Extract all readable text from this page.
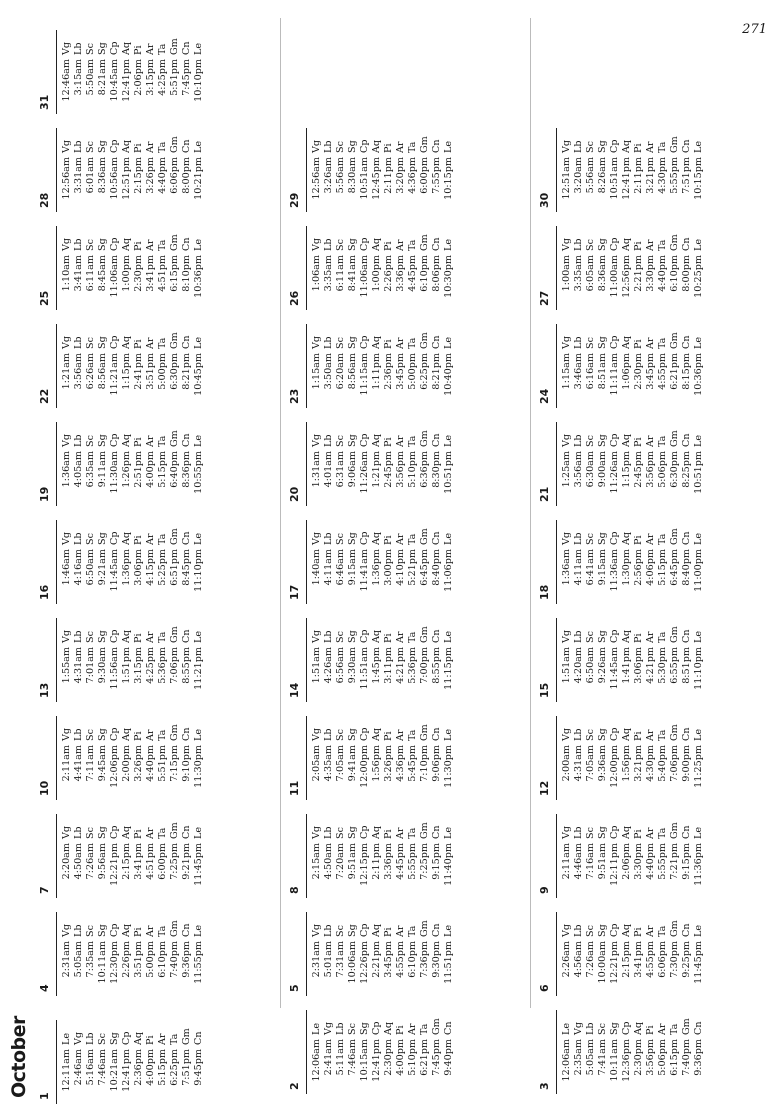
271
October 1
12:11am
Le
2:46am
Vg
5:16am
Lb
7:46am
Sc
10:21am
Sg
12:41pm
Cp
2:36pm
Aq
4:00pm
Pi
5:15pm
Ar
6:25pm
Ta
7:51pm
Gm
9:45pm
Cn
4
2:31am
Vg
5:05am
Lb
7:35am
Sc
10:11am
Sg
12:30pm
Cp
2:26pm
Aq
3:51pm
Pi
5:00pm
Ar
6:10pm
Ta
7:40pm
Gm
9:36pm
Cn
11:55pm
Le
7
2:20am
Vg
4:50am
Lb
7:26am
Sc
9:56am
Sg
12:21pm
Cp
2:15pm
Aq
3:41pm
Pi
4:51pm
Ar
6:00pm
Ta
7:25pm
Gm
9:21pm
Cn
11:45pm
Le
10
2:11am
Vg
4:41am
Lb
7:11am
Sc
9:45am
Sg
12:06pm
Cp
2:00pm
Aq
3:26pm
Pi
4:40pm
Ar
5:51pm
Ta
7:15pm
Gm
9:10pm
Cn
11:30pm
Le
13
1:55am
Vg
4:31am
Lb
7:01am
Sc
9:30am
Sg
11:56am
Cp
1:51pm
Aq
3:15pm
Pi
4:25pm
Ar
5:36pm
Ta
7:06pm
Gm
8:55pm
Cn
11:21pm
Le
16
1:46am
Vg
4:16am
Lb
6:50am
Sc
9:21am
Sg
11:45am
Cp
1:36pm
Aq
3:06pm
Pi
4:15pm
Ar
5:25pm
Ta
6:51pm
Gm
8:45pm
Cn
11:10pm
Le
19
1:36am
Vg
4:05am
Lb
6:35am
Sc
9:11am
Sg
11:30am
Cp
1:26pm
Aq
2:51pm
Pi
4:00pm
Ar
5:15pm
Ta
6:40pm
Gm
8:36pm
Cn
10:55pm
Le
22
1:21am
Vg
3:56am
Lb
6:26am
Sc
8:56am
Sg
11:21am
Cp
1:15pm
Aq
2:41pm
Pi
3:51pm
Ar
5:00pm
Ta
6:30pm
Gm
8:21pm
Cn
10:45pm
Le
25
1:10am
Vg
3:41am
Lb
6:11am
Sc
8:45am
Sg
11:06am
Cp
1:00pm
Aq
2:30pm
Pi
3:41pm
Ar
4:51pm
Ta
6:15pm
Gm
8:10pm
Cn
10:36pm
Le
28
12:56am
Vg
3:31am
Lb
6:01am
Sc
8:36am
Sg
10:56am
Cp
12:51pm
Aq
2:15pm
Pi
3:26pm
Ar
4:40pm
Ta
6:06pm
Gm
8:00pm
Cn
10:21pm
Le
31
12:46am
Vg
3:15am
Lb
5:50am
Sc
8:21am
Sg
10:45am
Cp
12:41pm
Aq
2:06pm
Pi
3:15pm
Ar
4:25pm
Ta
5:51pm
Gm
7:45pm
Cn
10:10pm
Le
2
12:06am
Le
2:41am
Vg
5:11am
Lb
7:46am
Sc
10:15am
Sg
12:41pm
Cp
2:30pm
Aq
4:00pm
Pi
5:10pm
Ar
6:21pm
Ta
7:45pm
Gm
9:40pm
Cn
5
2:31am
Vg
5:01am
Lb
7:31am
Sc
10:06am
Sg
12:26pm
Cp
2:21pm
Aq
3:45pm
Pi
4:55pm
Ar
6:10pm
Ta
7:36pm
Gm
9:30pm
Cn
11:51pm
Le
8
2:15am
Vg
4:50am
Lb
7:20am
Sc
9:51am
Sg
12:15pm
Cp
2:11pm
Aq
3:36pm
Pi
4:45pm
Ar
5:55pm
Ta
7:25pm
Gm
9:15pm
Cn
11:40pm
Le
11
2:05am
Vg
4:35am
Lb
7:05am
Sc
9:41am
Sg
12:00pm
Cp
1:56pm
Aq
3:26pm
Pi
4:36pm
Ar
5:45pm
Ta
7:10pm
Gm
9:06pm
Cn
11:30pm
Le
14
1:51am
Vg
4:26am
Lb
6:56am
Sc
9:30am
Sg
11:51am
Cp
1:45pm
Aq
3:11pm
Pi
4:21pm
Ar
5:36pm
Ta
7:00pm
Gm
8:55pm
Cn
11:15pm
Le
17
1:40am
Vg
4:11am
Lb
6:46am
Sc
9:15am
Sg
11:41am
Cp
1:36pm
Aq
3:00pm
Pi
4:10pm
Ar
5:21pm
Ta
6:45pm
Gm
8:40pm
Cn
11:06pm
Le
20
1:31am
Vg
4:01am
Lb
6:31am
Sc
9:06am
Sg
11:26am
Cp
1:21pm
Aq
2:45pm
Pi
3:56pm
Ar
5:10pm
Ta
6:36pm
Gm
8:30pm
Cn
10:51pm
Le
23
1:15am
Vg
3:50am
Lb
6:20am
Sc
8:56am
Sg
11:15am
Cp
1:11pm
Aq
2:36pm
Pi
3:45pm
Ar
5:00pm
Ta
6:25pm
Gm
8:21pm
Cn
10:40pm
Le
26
1:06am
Vg
3:35am
Lb
6:11am
Sc
8:41am
Sg
11:06am
Cp
1:00pm
Aq
2:26pm
Pi
3:36pm
Ar
4:45pm
Ta
6:10pm
Gm
8:06pm
Cn
10:30pm
Le
29
12:56am
Vg
3:26am
Lb
5:56am
Sc
8:30am
Sg
10:51am
Cp
12:45pm
Aq
2:11pm
Pi
3:20pm
Ar
4:36pm
Ta
6:00pm
Gm
7:55pm
Cn
10:15pm
Le
3
12:06am
Le
2:35am
Vg
5:05am
Lb
7:41am
Sc
10:11am
Sg
12:36pm
Cp
2:30pm
Aq
3:56pm
Pi
5:06pm
Ar
6:15pm
Ta
7:40pm
Gm
9:36pm
Cn
6
2:26am
Vg
4:56am
Lb
7:26am
Sc
10:00am
Sg
12:21pm
Cp
2:15pm
Aq
3:41pm
Pi
4:55pm
Ar
6:06pm
Ta
7:30pm
Gm
9:25pm
Cn
11:45pm
Le
9
2:11am
Vg
4:46am
Lb
7:16am
Sc
9:51am
Sg
12:11pm
Cp
2:06pm
Aq
3:30pm
Pi
4:40pm
Ar
5:55pm
Ta
7:21pm
Gm
9:15pm
Cn
11:36pm
Le
12
2:00am
Vg
4:31am
Lb
7:05am
Sc
9:36am
Sg
12:00pm
Cp
1:56pm
Aq
3:21pm
Pi
4:30pm
Ar
5:40pm
Ta
7:06pm
Gm
9:00pm
Cn
11:25pm
Le
15
1:51am
Vg
4:20am
Lb
6:50am
Sc
9:26am
Sg
11:45am
Cp
1:41pm
Aq
3:06pm
Pi
4:21pm
Ar
5:30pm
Ta
6:55pm
Gm
8:51pm
Cn
11:10pm
Le
18
1:36am
Vg
4:11am
Lb
6:41am
Sc
9:15am
Sg
11:36am
Cp
1:30pm
Aq
2:56pm
Pi
4:06pm
Ar
5:15pm
Ta
6:45pm
Gm
8:40pm
Cn
11:00pm
Le
21
1:25am
Vg
3:56am
Lb
6:30am
Sc
9:00am
Sg
11:26am
Cp
1:15pm
Aq
2:45pm
Pi
3:56pm
Ar
5:06pm
Ta
6:30pm
Gm
8:25pm
Cn
10:51pm
Le
24
1:15am
Vg
3:46am
Lb
6:16am
Sc
8:51am
Sg
11:11am
Cp
1:06pm
Aq
2:30pm
Pi
3:45pm
Ar
4:55pm
Ta
6:21pm
Gm
8:15pm
Cn
10:36pm
Le
27
1:00am
Vg
3:35am
Lb
6:05am
Sc
8:36am
Sg
11:00am
Cp
12:56pm
Aq
2:21pm
Pi
3:30pm
Ar
4:40pm
Ta
6:10pm
Gm
8:00pm
Cn
10:25pm
Le
30
12:51am
Vg
3:20am
Lb
5:56am
Sc
8:26am
Sg
10:51am
Cp
12:41pm
Aq
2:11pm
Pi
3:21pm
Ar
4:30pm
Ta
5:55pm
Gm
7:51pm
Cn
10:15pm
Le
